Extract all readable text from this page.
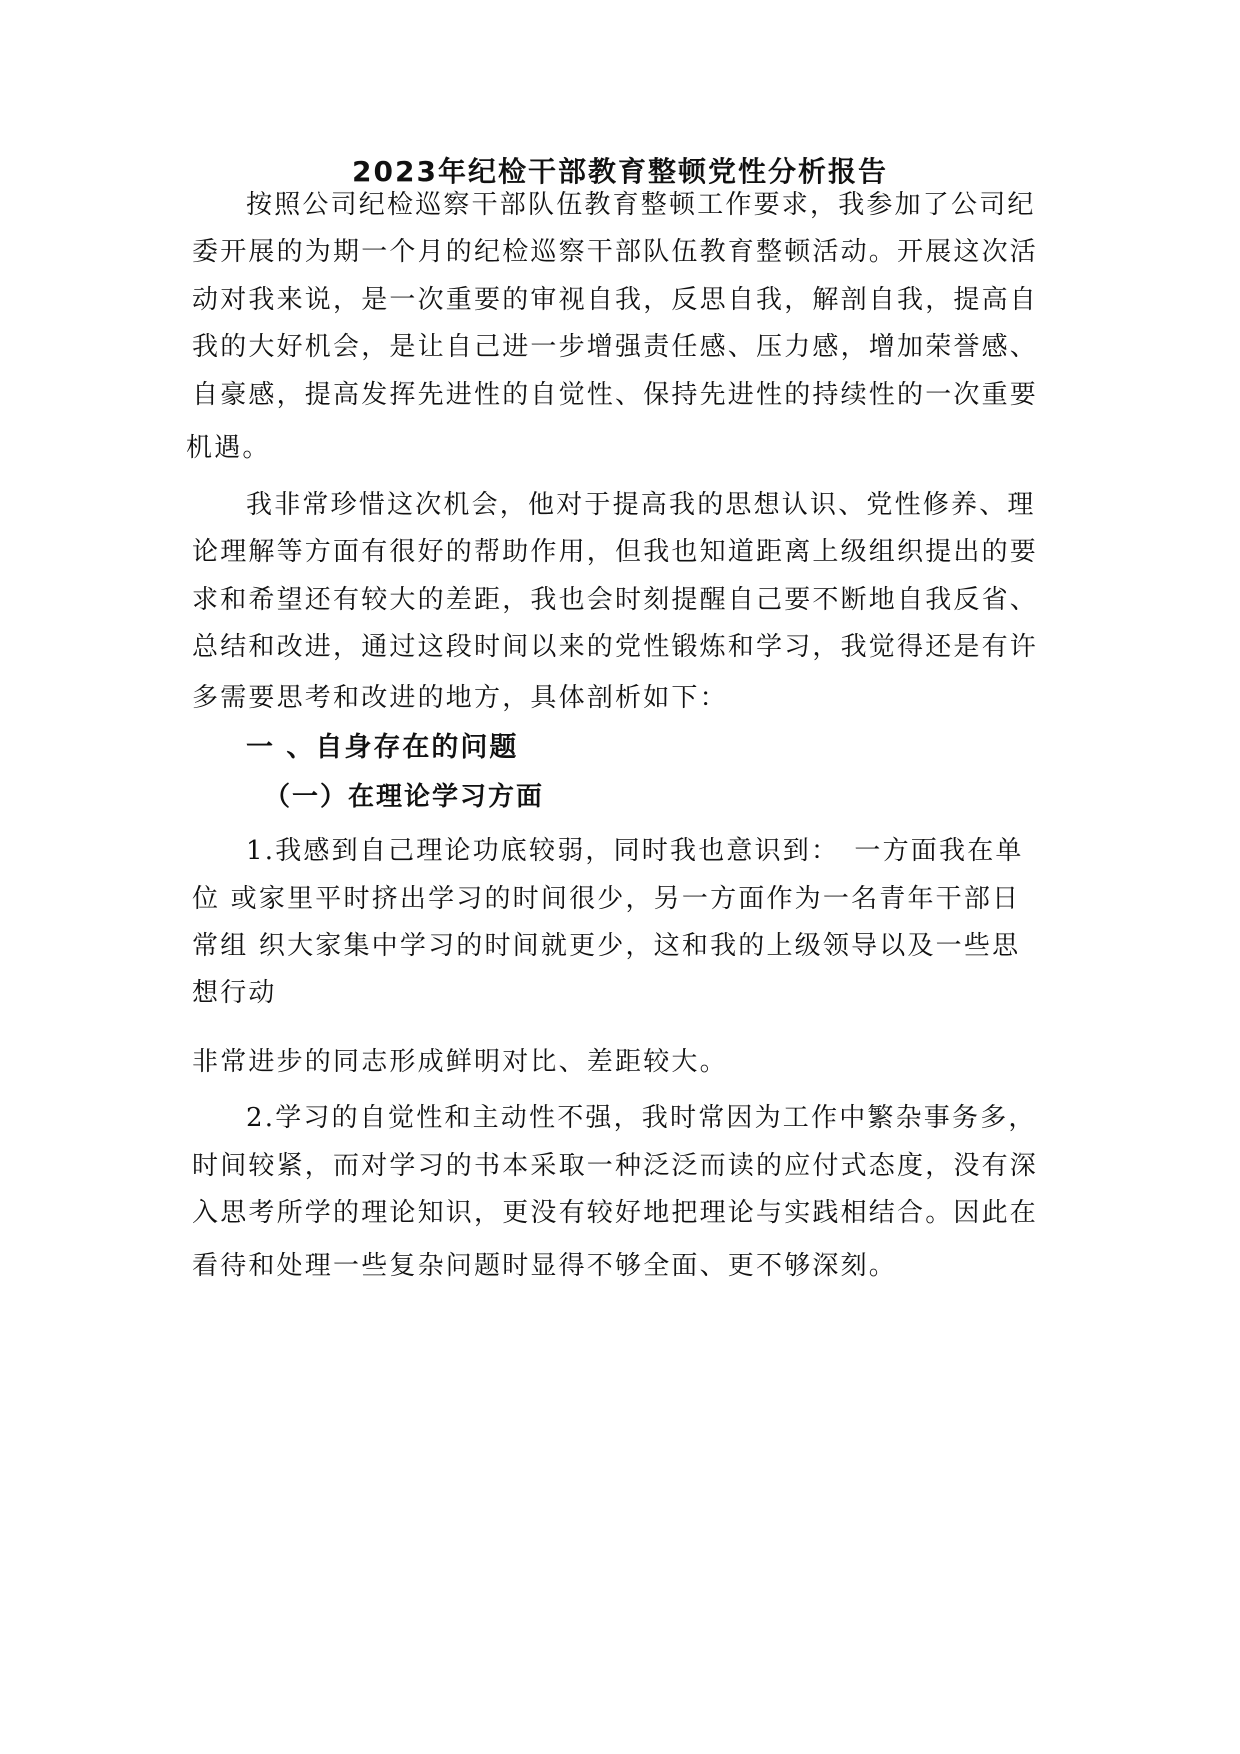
2023年纪检干部教育整顿党性分析报告

按照公司纪检巡察干部队伍教育整顿工作要求，我参加了公司纪

委开展的为期一个月的纪检巡察干部队伍教育整顿活动。开展这次活

动对我来说，是一次重要的审视自我，反思自我，解剖自我，提高自

我的大好机会，是让自己进一步增强责任感、压力感，增加荣誉感、

自豪感，提高发挥先进性的自觉性、保持先进性的持续性的一次重要

机遇。

我非常珍惜这次机会，他对于提高我的思想认识、党性修养、理

论理解等方面有很好的帮助作用，但我也知道距离上级组织提出的要

求和希望还有较大的差距，我也会时刻提醒自己要不断地自我反省、

总结和改进，通过这段时间以来的党性锻炼和学习，我觉得还是有许

多需要思考和改进的地方，具体剖析如下：

一 、自身存在的问题
（一）在理论学习方面

1.我感到自己理论功底较弱，同时我也意识到：　一方面我在单

位 或家里平时挤出学习的时间很少，另一方面作为一名青年干部日

常组 织大家集中学习的时间就更少，这和我的上级领导以及一些思

想行动

非常进步的同志形成鲜明对比、差距较大。

2.学习的自觉性和主动性不强，我时常因为工作中繁杂事务多，

时间较紧，而对学习的书本采取一种泛泛而读的应付式态度，没有深

入思考所学的理论知识，更没有较好地把理论与实践相结合。因此在

看待和处理一些复杂问题时显得不够全面、更不够深刻。
